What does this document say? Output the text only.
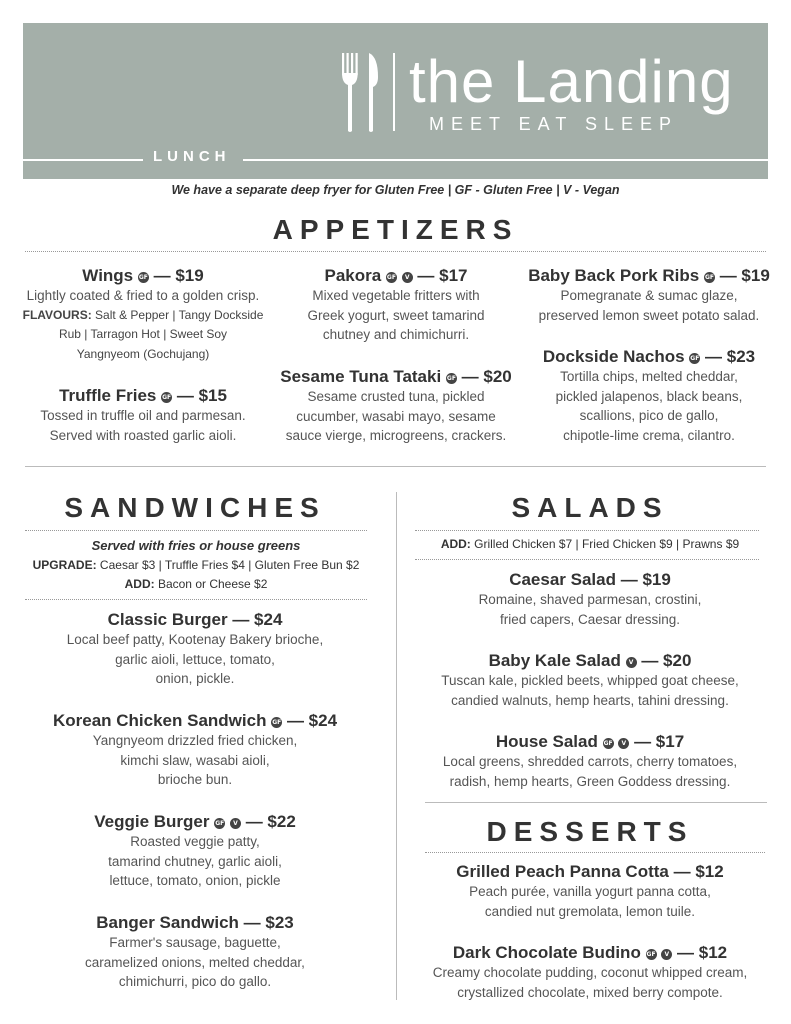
the Landing
MEET EAT SLEEP
LUNCH
We have a separate deep fryer for Gluten Free | GF - Gluten Free | V - Vegan
APPETIZERS
Wings GF — $19
Lightly coated & fried to a golden crisp.
FLAVOURS: Salt & Pepper | Tangy Dockside
Rub | Tarragon Hot | Sweet Soy
Yangnyeom (Gochujang)
Truffle Fries GF — $15
Tossed in truffle oil and parmesan.
Served with roasted garlic aioli.
Pakora GF V — $17
Mixed vegetable fritters with
Greek yogurt, sweet tamarind
chutney and chimichurri.
Sesame Tuna Tataki GF — $20
Sesame crusted tuna, pickled
cucumber, wasabi mayo, sesame
sauce vierge, microgreens, crackers.
Baby Back Pork Ribs GF — $19
Pomegranate & sumac glaze,
preserved lemon sweet potato salad.
Dockside Nachos GF — $23
Tortilla chips, melted cheddar,
pickled jalapenos, black beans,
scallions, pico de gallo,
chipotle-lime crema, cilantro.
SANDWICHES
Served with fries or house greens
UPGRADE: Caesar $3 | Truffle Fries $4 | Gluten Free Bun $2
ADD: Bacon or Cheese $2
Classic Burger — $24
Local beef patty, Kootenay Bakery brioche,
garlic aioli, lettuce, tomato,
onion, pickle.
Korean Chicken Sandwich GF — $24
Yangnyeom drizzled fried chicken,
kimchi slaw, wasabi aioli,
brioche bun.
Veggie Burger GF V — $22
Roasted veggie patty,
tamarind chutney, garlic aioli,
lettuce, tomato, onion, pickle
Banger Sandwich — $23
Farmer's sausage, baguette,
caramelized onions, melted cheddar,
chimichurri, pico do gallo.
SALADS
ADD: Grilled Chicken $7 | Fried Chicken $9 | Prawns $9
Caesar Salad — $19
Romaine, shaved parmesan, crostini,
fried capers, Caesar dressing.
Baby Kale Salad V — $20
Tuscan kale, pickled beets, whipped goat cheese,
candied walnuts, hemp hearts, tahini dressing.
House Salad GF V — $17
Local greens, shredded carrots, cherry tomatoes,
radish, hemp hearts, Green Goddess dressing.
DESSERTS
Grilled Peach Panna Cotta — $12
Peach purée, vanilla yogurt panna cotta,
candied nut gremolata, lemon tuile.
Dark Chocolate Budino GF V — $12
Creamy chocolate pudding, coconut whipped cream,
crystallized chocolate, mixed berry compote.
